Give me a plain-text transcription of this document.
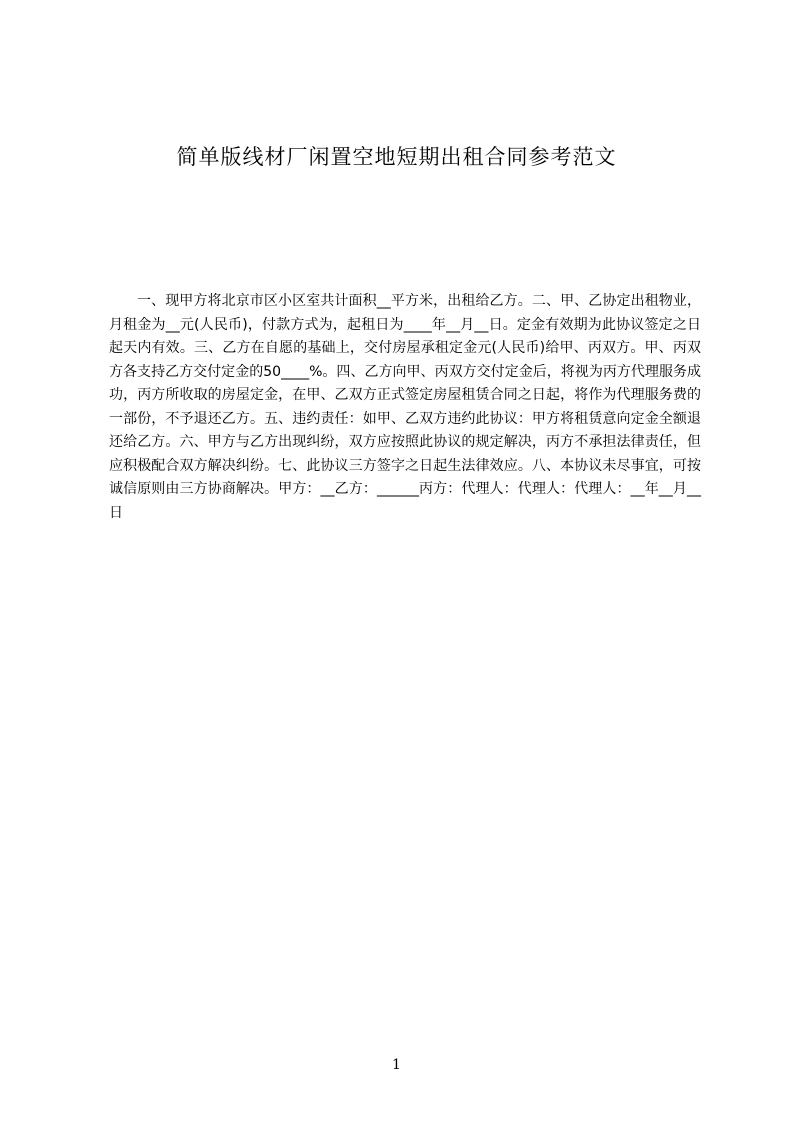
简单版线材厂闲置空地短期出租合同参考范文

一、现甲方将北京市区小区室共计面积__平方米，出租给乙方。二、甲、乙协定出租物业，月租金为__元(人民币)，付款方式为，起租日为____年__月__日。定金有效期为此协议签定之日起天内有效。三、乙方在自愿的基础上，交付房屋承租定金元(人民币)给甲、丙双方。甲、丙双方各支持乙方交付定金的50____%。四、乙方向甲、丙双方交付定金后，将视为丙方代理服务成功，丙方所收取的房屋定金，在甲、乙双方正式签定房屋租赁合同之日起，将作为代理服务费的一部份，不予退还乙方。五、违约责任：如甲、乙双方违约此协议：甲方将租赁意向定金全额退还给乙方。六、甲方与乙方出现纠纷，双方应按照此协议的规定解决，丙方不承担法律责任，但应积极配合双方解决纠纷。七、此协议三方签字之日起生法律效应。八、本协议未尽事宜，可按诚信原则由三方协商解决。甲方：__乙方：______丙方：代理人：代理人：代理人：__年__月__日

1
